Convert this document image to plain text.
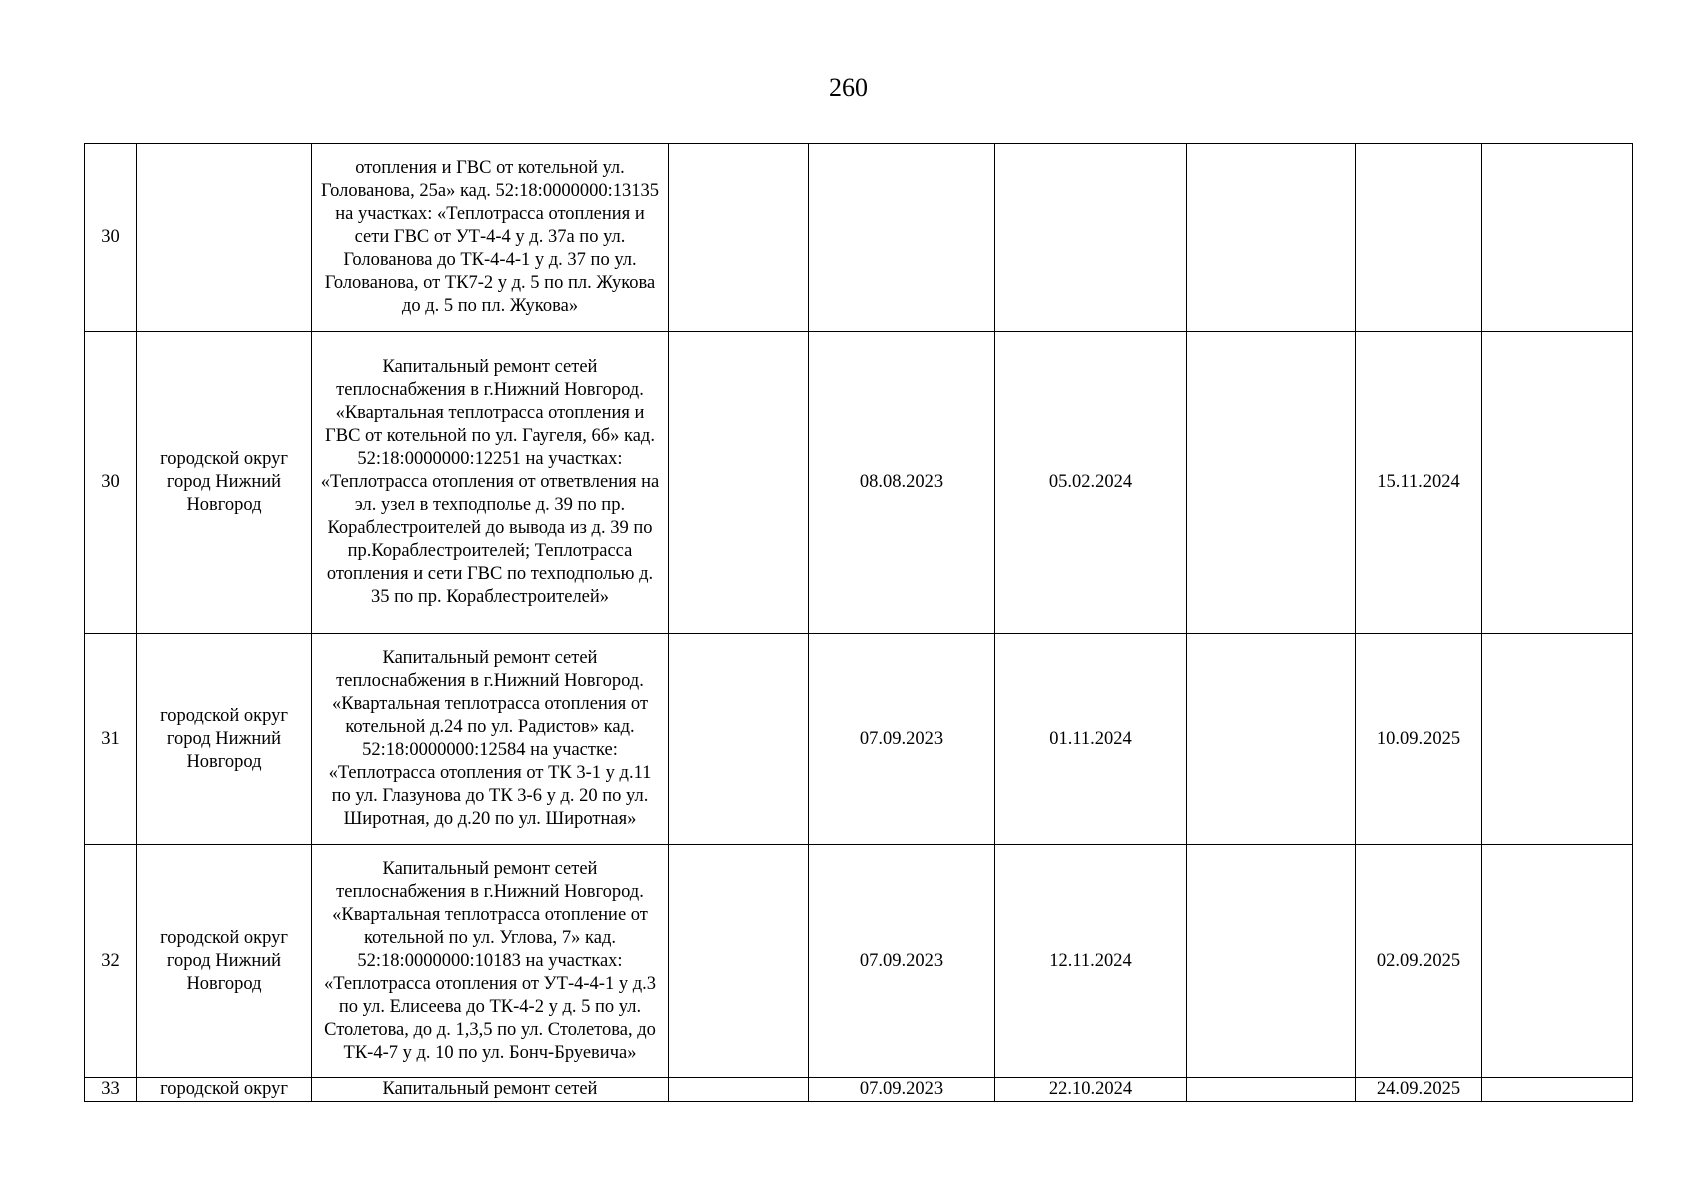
260
30		отопления и ГВС от котельной ул. Голованова, 25а» кад. 52:18:0000000:13135 на участках: «Теплотрасса отопления и сети ГВС от УТ-4-4 у д. 37а по ул. Голованова до ТК-4-4-1 у д. 37 по ул. Голованова, от ТК7-2 у д. 5 по пл. Жукова до д. 5 по пл. Жукова»						
30	городской округ город Нижний Новгород	Капитальный ремонт сетей теплоснабжения в г.Нижний Новгород. «Квартальная теплотрасса отопления и ГВС от котельной по ул. Гаугеля, 6б» кад. 52:18:0000000:12251 на участках: «Теплотрасса отопления от ответвления на эл. узел в техподполье д. 39 по пр. Кораблестроителей до вывода из д. 39 по пр.Кораблестроителей; Теплотрасса отопления и сети ГВС по техподполью д. 35 по пр. Кораблестроителей»		08.08.2023	05.02.2024		15.11.2024	
31	городской округ город Нижний Новгород	Капитальный ремонт сетей теплоснабжения в г.Нижний Новгород. «Квартальная теплотрасса отопления от котельной д.24 по ул. Радистов» кад. 52:18:0000000:12584 на участке: «Теплотрасса отопления от ТК 3-1 у д.11 по ул. Глазунова до ТК 3-6 у д. 20 по ул. Широтная, до д.20 по ул. Широтная»		07.09.2023	01.11.2024		10.09.2025	
32	городской округ город Нижний Новгород	Капитальный ремонт сетей теплоснабжения в г.Нижний Новгород. «Квартальная теплотрасса отопление от котельной по ул. Углова, 7» кад. 52:18:0000000:10183 на участках: «Теплотрасса отопления от УТ-4-4-1 у д.3 по ул. Елисеева до ТК-4-2 у д. 5 по ул. Столетова, до д. 1,3,5 по ул. Столетова, до ТК-4-7 у д. 10 по ул. Бонч-Бруевича»		07.09.2023	12.11.2024		02.09.2025	
33	городской округ	Капитальный ремонт сетей		07.09.2023	22.10.2024		24.09.2025	
